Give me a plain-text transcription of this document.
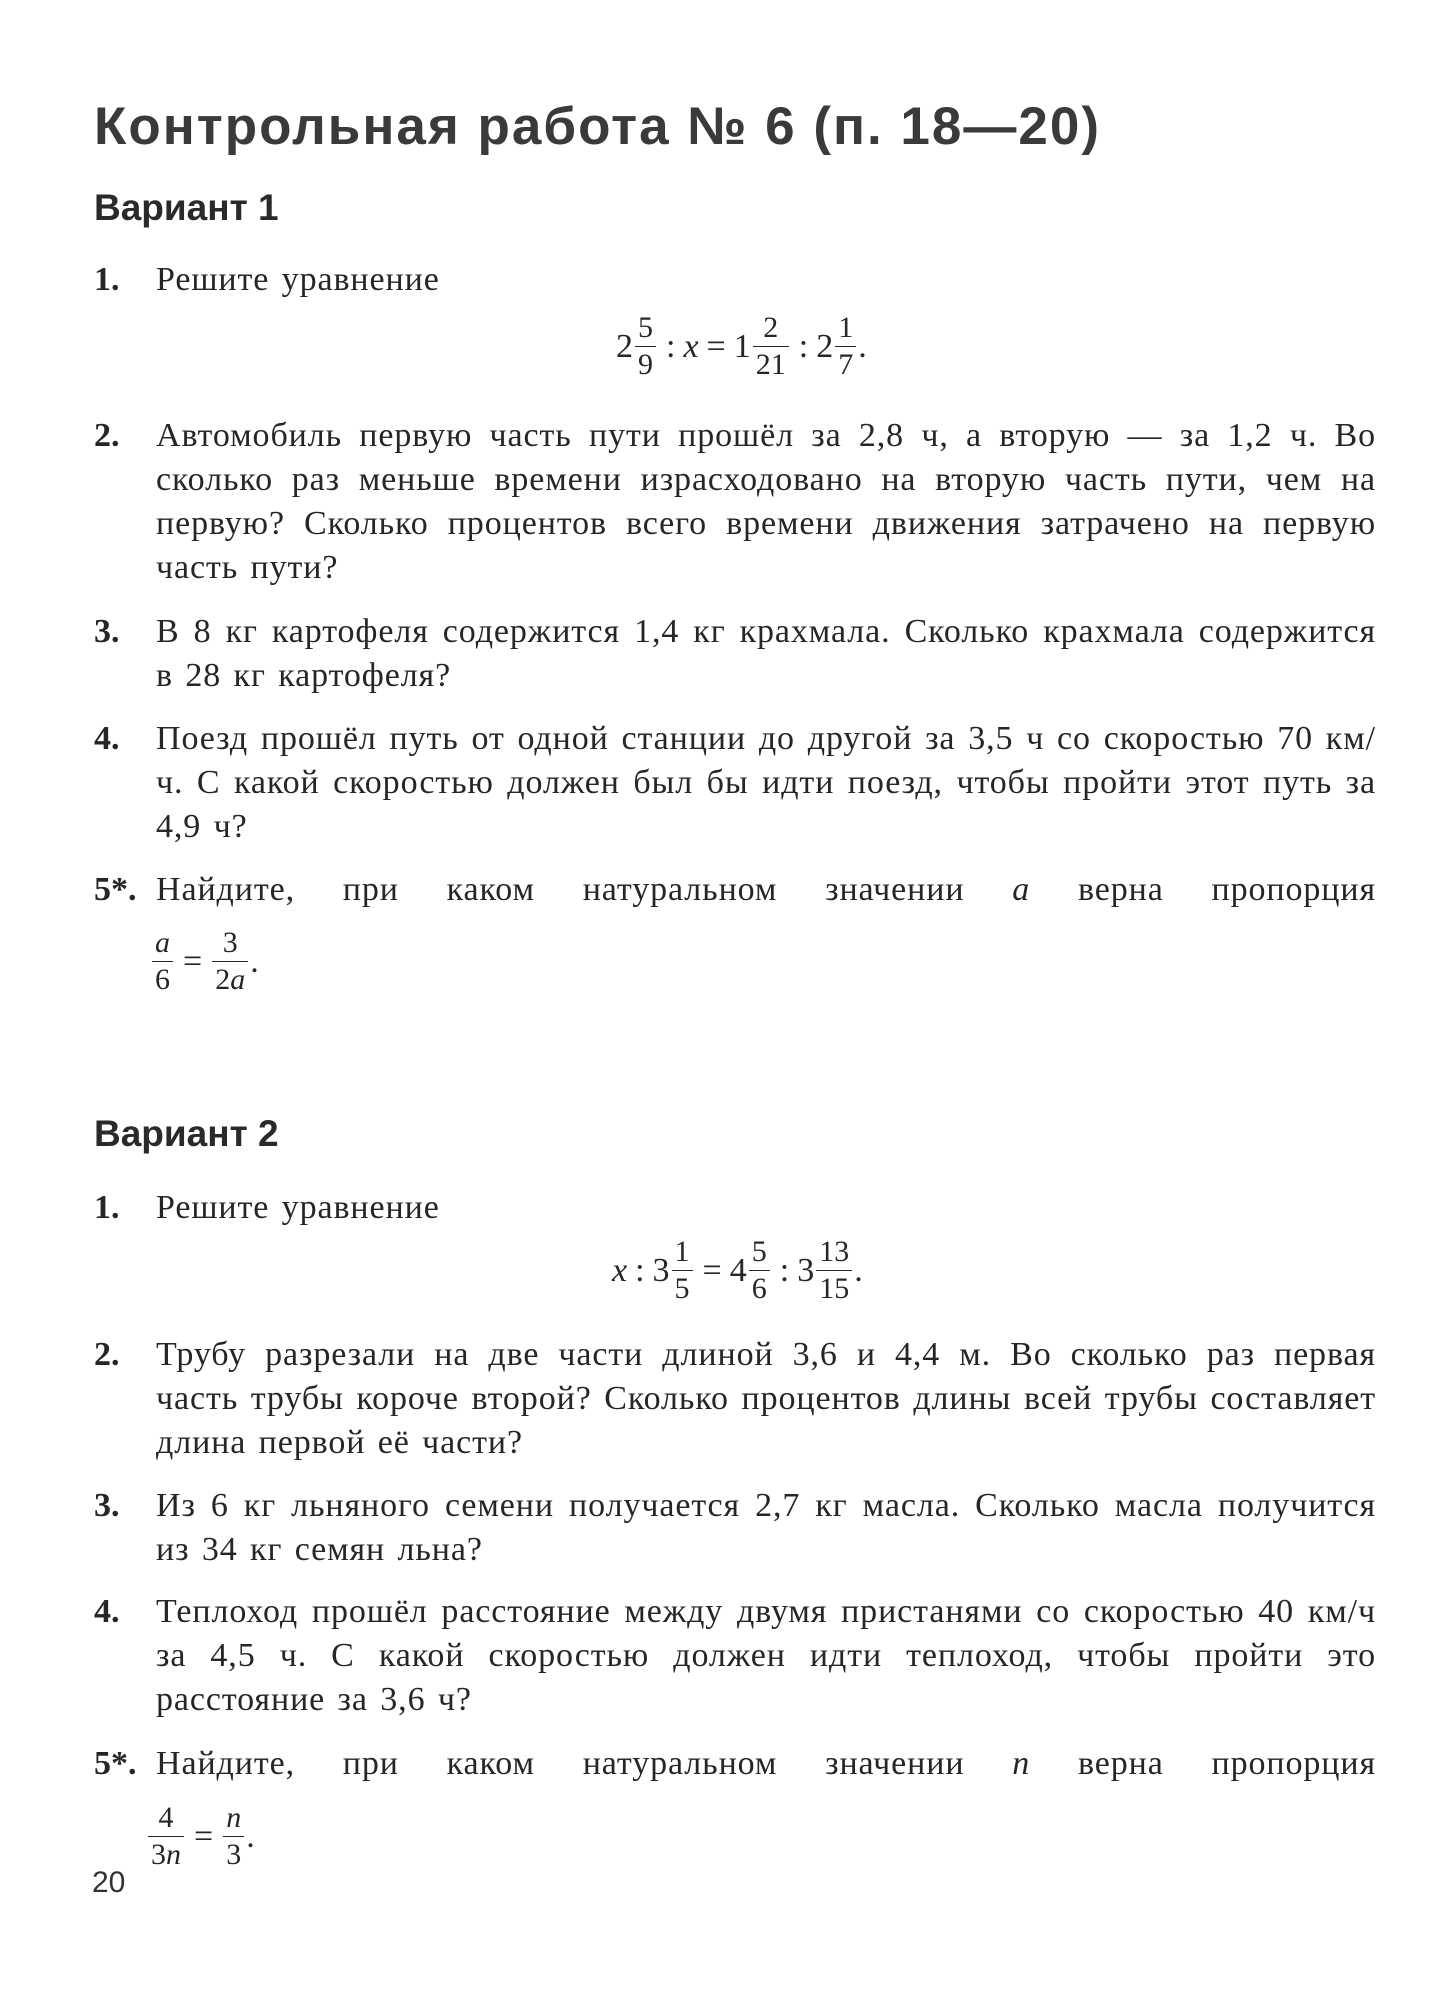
Контрольная работа № 6 (п. 18—20)
Вариант 1
1. Решите уравнение
$2 \frac{5}{9}$ : $x = 1 \frac{2}{21}$ : $2 \frac{1}{7}$ .
2. Автомобиль первую часть пути прошёл за 2,8 ч, а вторую — за 1,2 ч. Во сколько раз меньше времени израсходовано на вторую часть пути, чем на первую? Сколько процентов всего времени движения затрачено на первую часть пути?
3. В 8 кг картофеля содержится 1,4 кг крахмала. Сколько крахмала содержится в 28 кг картофеля?
4. Поезд прошёл путь от одной станции до другой за 3,5 ч со скоростью 70 км/ч. С какой скоростью должен был бы идти поезд, чтобы пройти этот путь за 4,9 ч?
5*. Найдите, при каком натуральном значении a верна пропорция
$\frac{a}{6} = \frac{3}{2a}$ .
Вариант 2
1. Решите уравнение
x : $3 \frac{1}{5} = 4 \frac{5}{6}$ : $3 \frac{13}{15}$ .
2. Трубу разрезали на две части длиной 3,6 и 4,4 м. Во сколько раз первая часть трубы короче второй? Сколько процентов длины всей трубы составляет длина первой её части?
3. Из 6 кг льняного семени получается 2,7 кг масла. Сколько масла получится из 34 кг семян льна?
4. Теплоход прошёл расстояние между двумя пристанями со скоростью 40 км/ч за 4,5 ч. С какой скоростью должен идти теплоход, чтобы пройти это расстояние за 3,6 ч?
5*. Найдите, при каком натуральном значении n верна пропорция
$\frac{4}{3n} = \frac{n}{3}$ .
20
